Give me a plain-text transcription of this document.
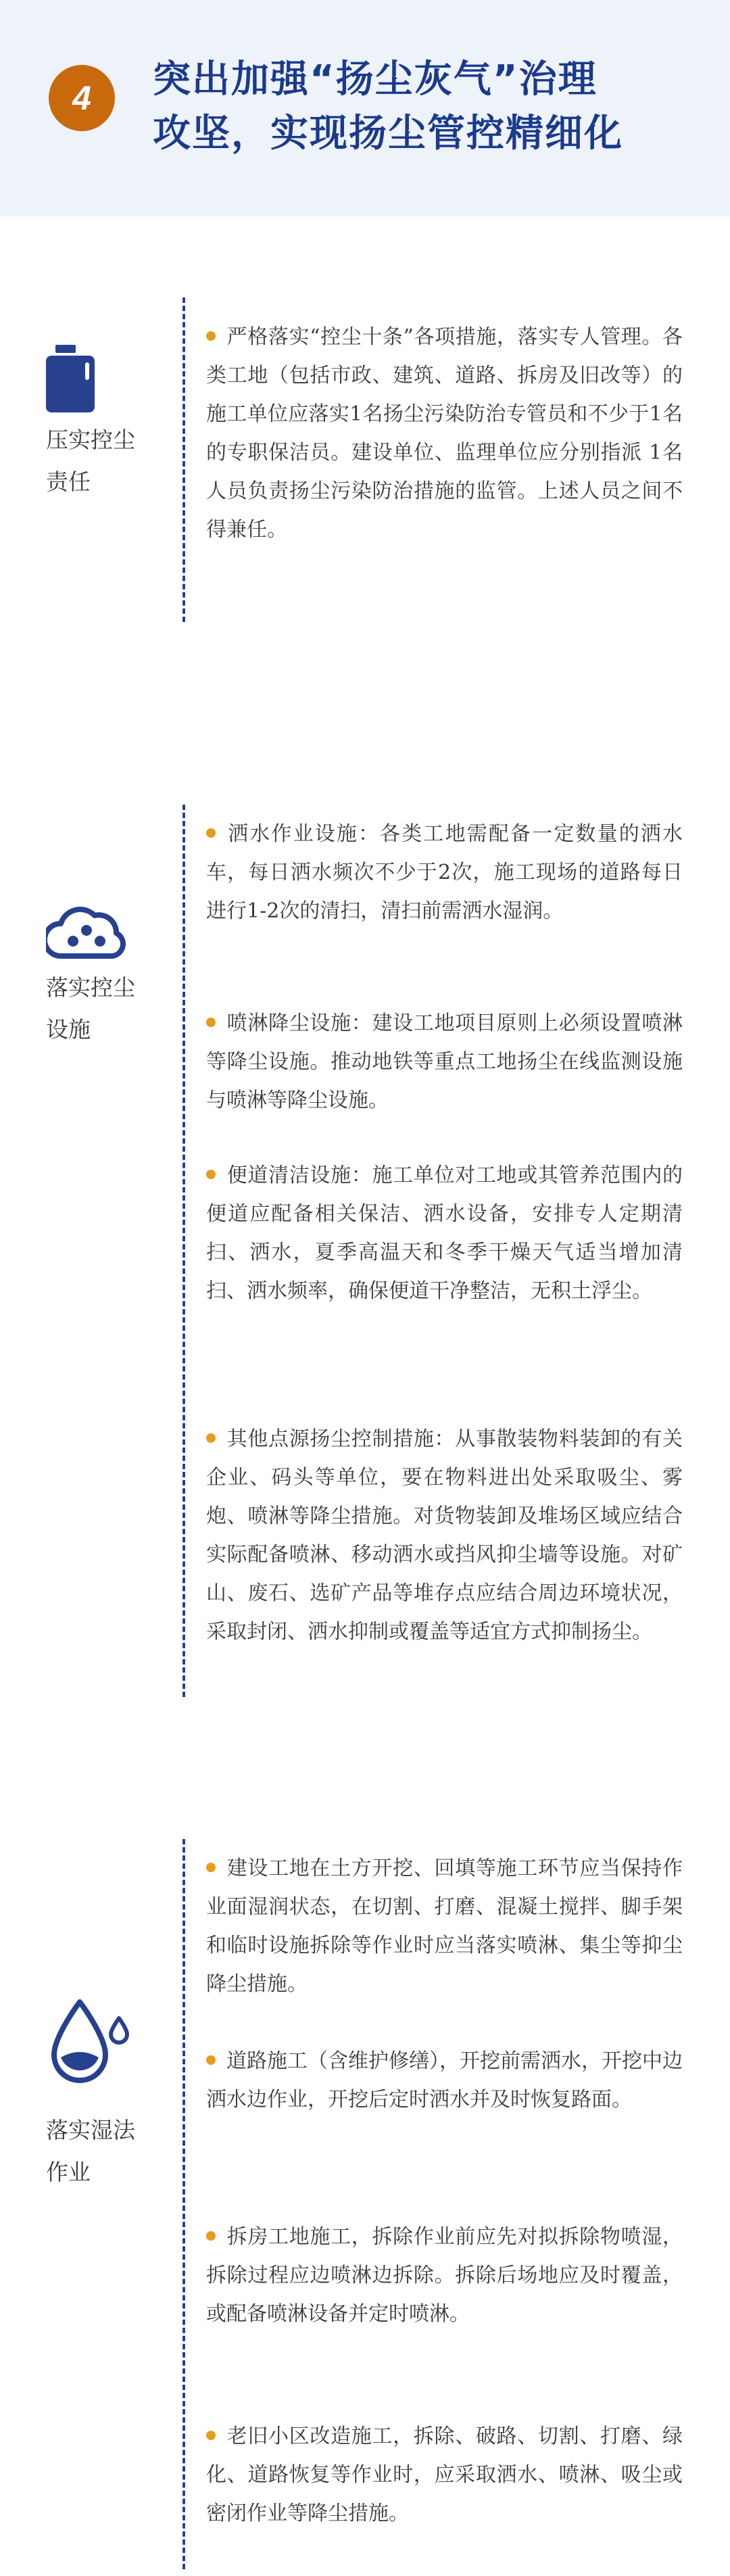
4	突出加强“扬尘灰气”治理
攻坚，实现扬尘管控精细化

压实控尘
责任

严格落实“控尘十条”各项措施，落实专人管理。各类工地（包括市政、建筑、道路、拆房及旧改等）的施工单位应落实1名扬尘污染防治专管员和不少于1名的专职保洁员。建设单位、监理单位应分别指派 1名人员负责扬尘污染防治措施的监管。上述人员之间不得兼任。

落实控尘
设施

洒水作业设施：各类工地需配备一定数量的洒水车，每日洒水频次不少于2次，施工现场的道路每日进行1-2次的清扫，清扫前需洒水湿润。

喷淋降尘设施：建设工地项目原则上必须设置喷淋等降尘设施。推动地铁等重点工地扬尘在线监测设施与喷淋等降尘设施。

便道清洁设施：施工单位对工地或其管养范围内的便道应配备相关保洁、洒水设备，安排专人定期清扫、洒水，夏季高温天和冬季干燥天气适当增加清扫、洒水频率，确保便道干净整洁，无积土浮尘。

其他点源扬尘控制措施：从事散装物料装卸的有关企业、码头等单位，要在物料进出处采取吸尘、雾炮、喷淋等降尘措施。对货物装卸及堆场区域应结合实际配备喷淋、移动洒水或挡风抑尘墙等设施。对矿山、废石、选矿产品等堆存点应结合周边环境状况，采取封闭、洒水抑制或覆盖等适宜方式抑制扬尘。

落实湿法
作业

建设工地在土方开挖、回填等施工环节应当保持作业面湿润状态，在切割、打磨、混凝土搅拌、脚手架和临时设施拆除等作业时应当落实喷淋、集尘等抑尘降尘措施。

道路施工（含维护修缮），开挖前需洒水，开挖中边洒水边作业，开挖后定时洒水并及时恢复路面。

拆房工地施工，拆除作业前应先对拟拆除物喷湿，拆除过程应边喷淋边拆除。拆除后场地应及时覆盖，或配备喷淋设备并定时喷淋。

老旧小区改造施工，拆除、破路、切割、打磨、绿化、道路恢复等作业时，应采取洒水、喷淋、吸尘或密闭作业等降尘措施。
